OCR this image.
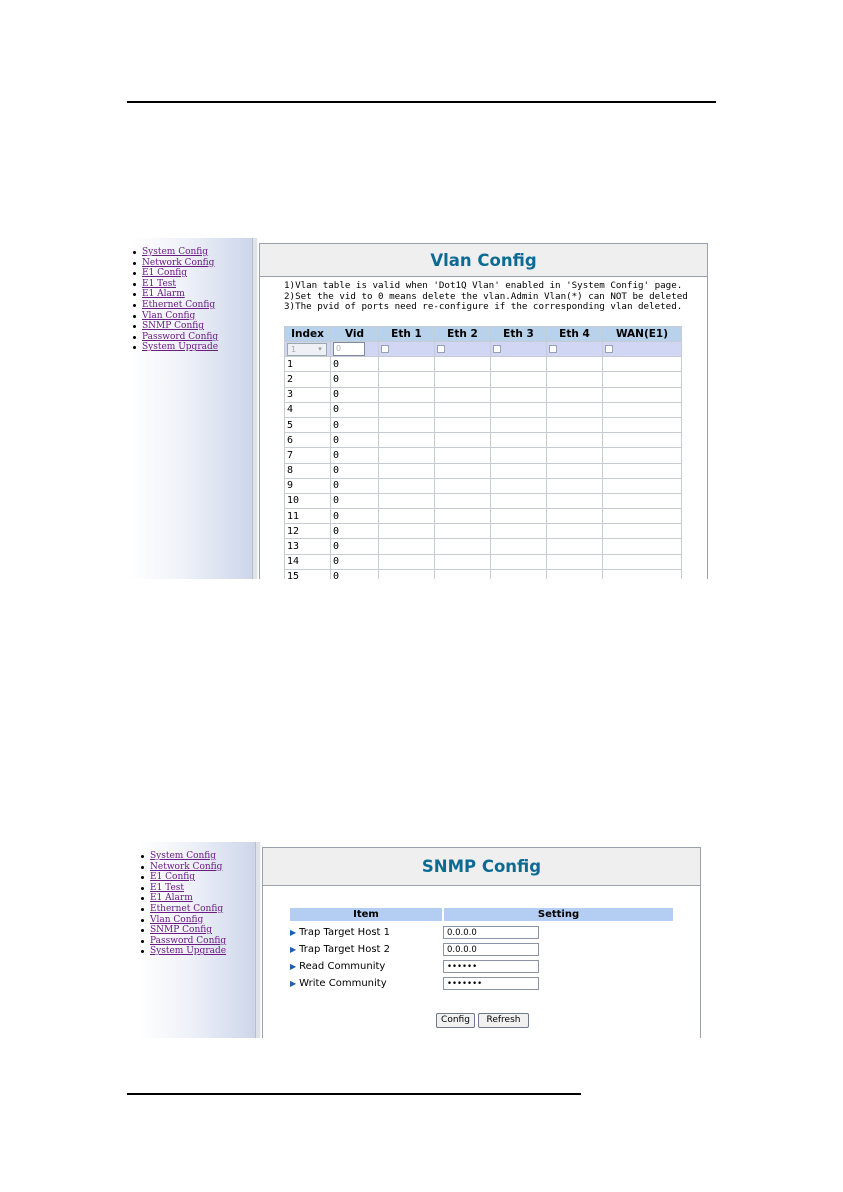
System Config
Network Config
E1 Config
E1 Test
E1 Alarm
Ethernet Config
Vlan Config
SNMP Config
Password Config
System Upgrade
Vlan Config
1)Vlan table is valid when 'Dot1Q Vlan' enabled in 'System Config' page.
2)Set the vid to 0 means delete the vlan.Admin Vlan(*) can NOT be deleted
3)The pvid of ports need re-configure if the corresponding vlan deleted.
Index	Vid	Eth 1	Eth 2	Eth 3	Eth 4	WAN(E1)

1 ▾	0					
1	0					
2	0					
3	0					
4	0					
5	0					
6	0					
7	0					
8	0					
9	0					
10	0					
11	0					
12	0					
13	0					
14	0					
15	0					
System Config
Network Config
E1 Config
E1 Test
E1 Alarm
Ethernet Config
Vlan Config
SNMP Config
Password Config
System Upgrade
SNMP Config
Item	Setting
▶ Trap Target Host 1	0.0.0.0
▶ Trap Target Host 2	0.0.0.0
▶ Read Community	••••••
▶ Write Community	•••••••
Config	Refresh
